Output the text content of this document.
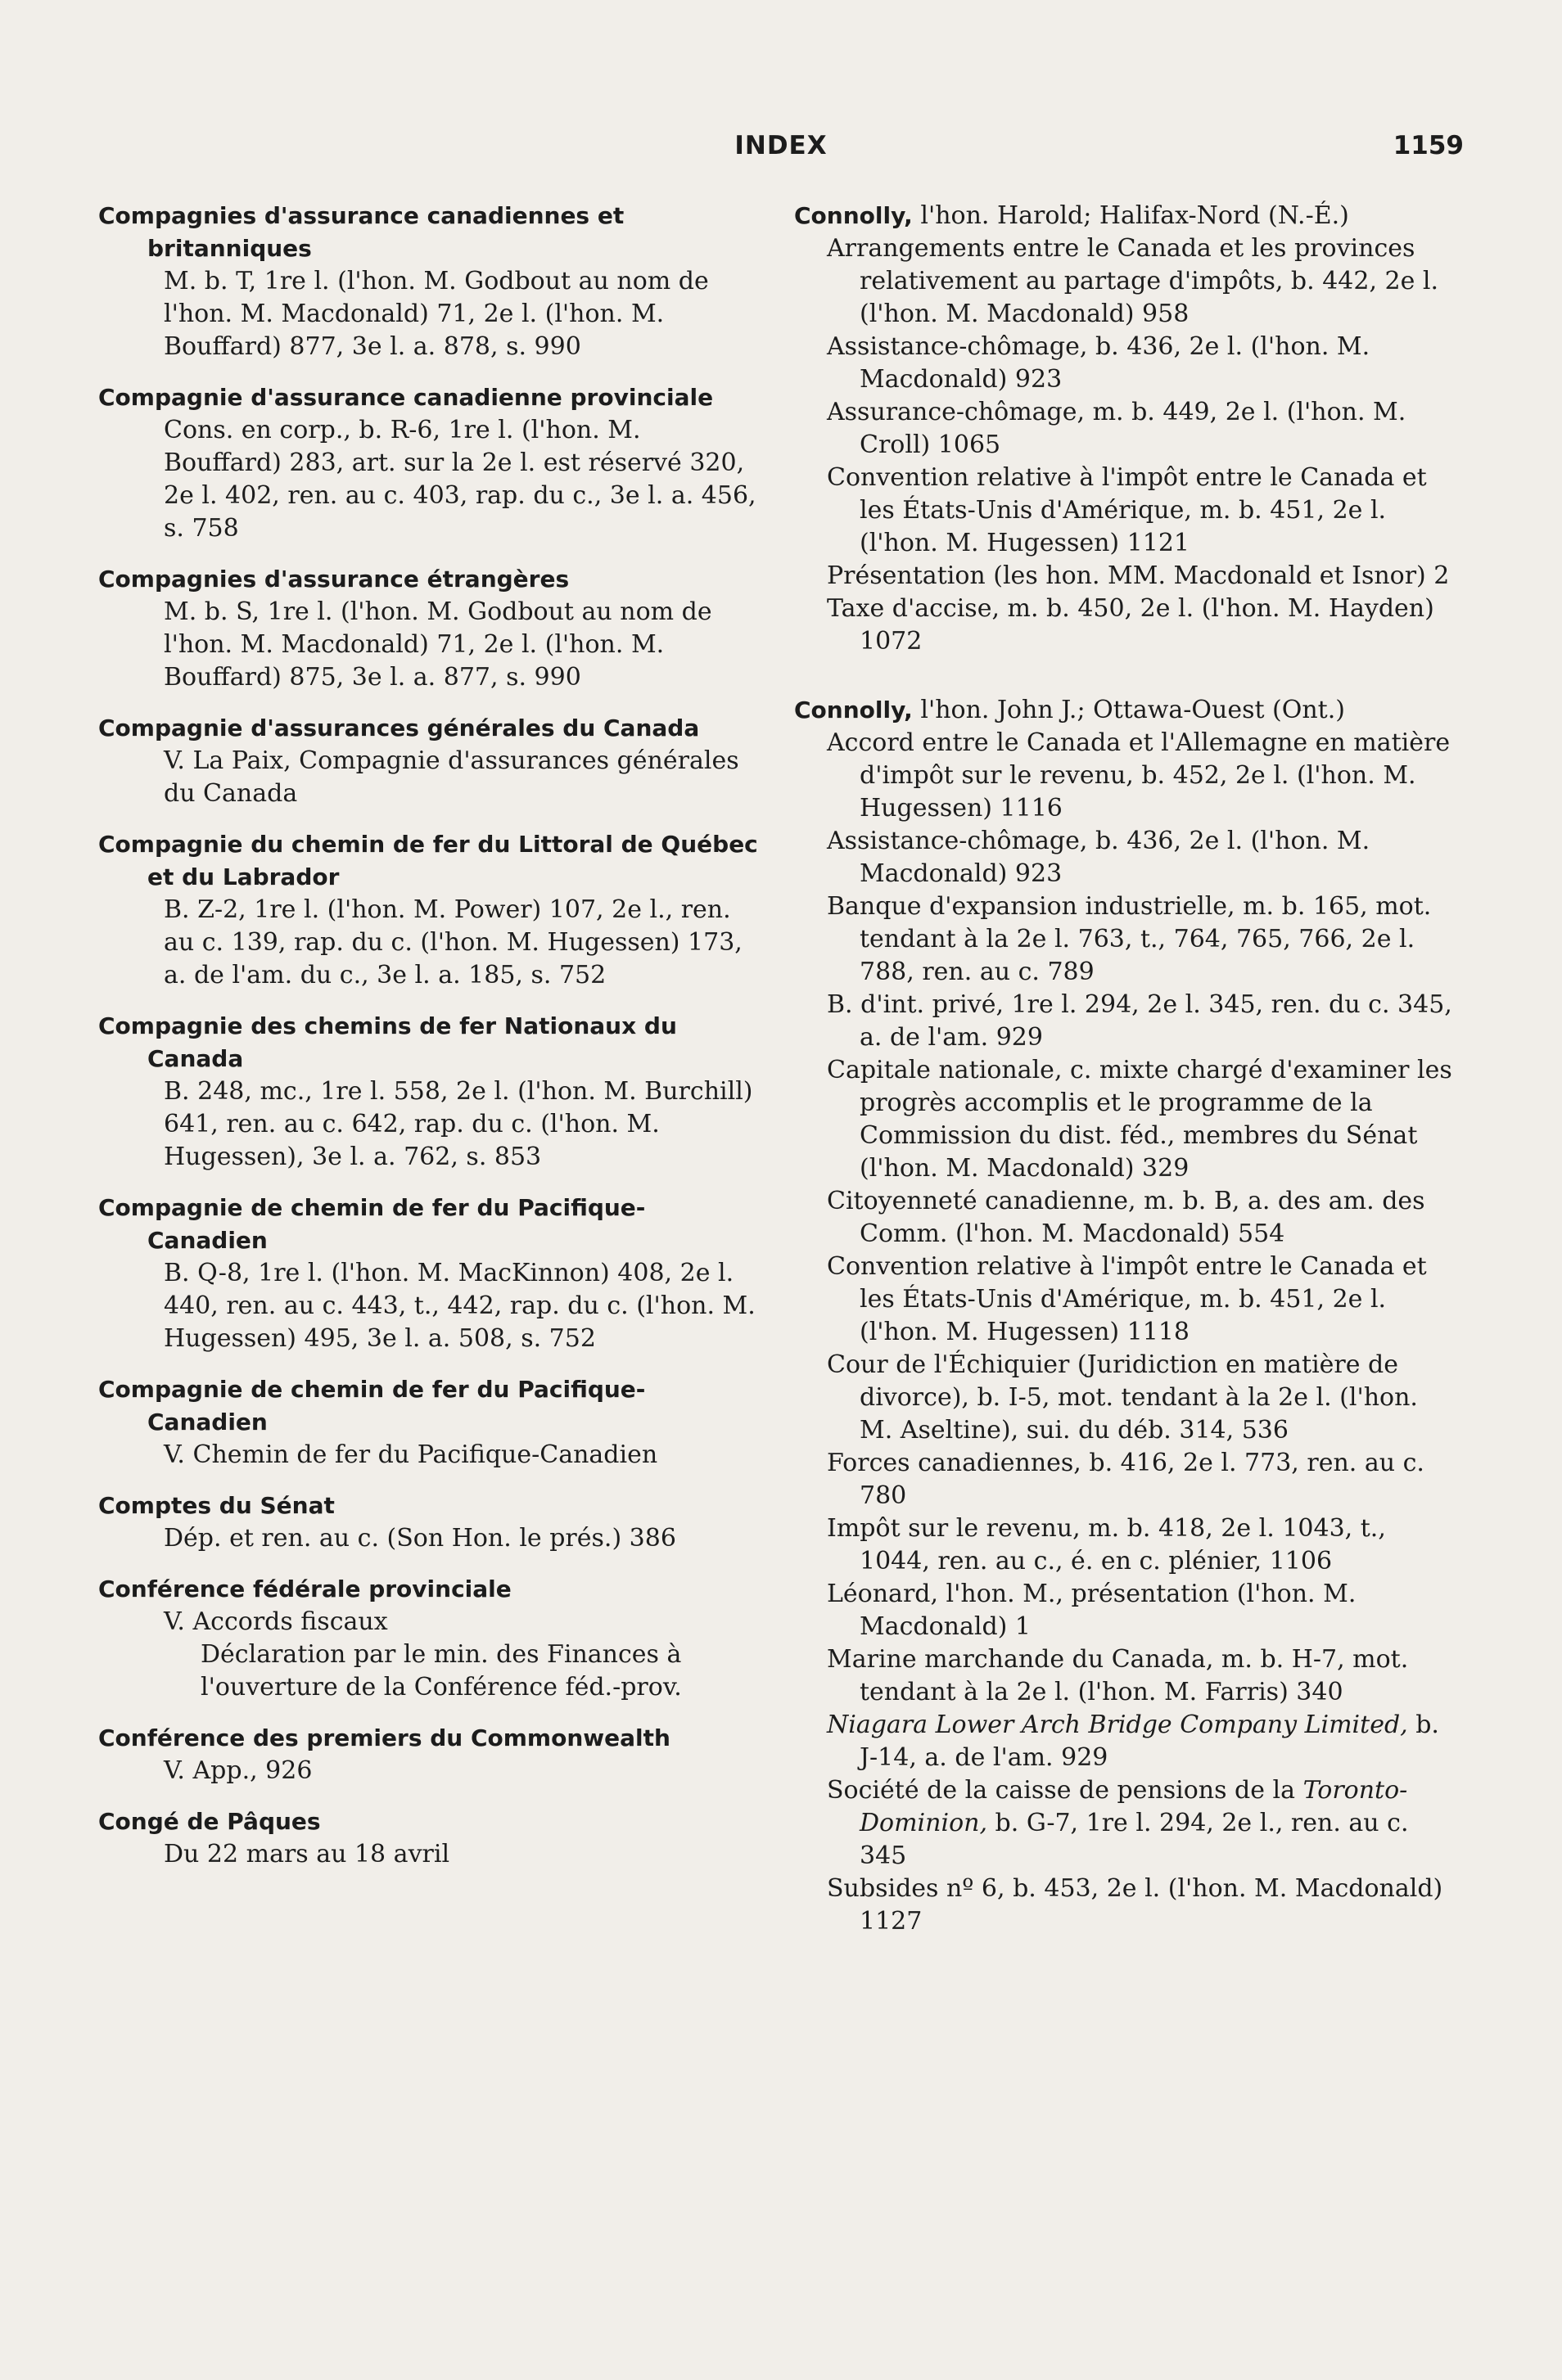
INDEX	1159
Compagnies d'assurance canadiennes et britanniques
M. b. T, 1re l. (l'hon. M. Godbout au nom de l'hon. M. Macdonald) 71, 2e l. (l'hon. M. Bouffard) 877, 3e l. a. 878, s. 990
Compagnie d'assurance canadienne provinciale
Cons. en corp., b. R-6, 1re l. (l'hon. M. Bouffard) 283, art. sur la 2e l. est réservé 320, 2e l. 402, ren. au c. 403, rap. du c., 3e l. a. 456, s. 758
Compagnies d'assurance étrangères
M. b. S, 1re l. (l'hon. M. Godbout au nom de l'hon. M. Macdonald) 71, 2e l. (l'hon. M. Bouffard) 875, 3e l. a. 877, s. 990
Compagnie d'assurances générales du Canada
V. La Paix, Compagnie d'assurances générales du Canada
Compagnie du chemin de fer du Littoral de Québec et du Labrador
B. Z-2, 1re l. (l'hon. M. Power) 107, 2e l., ren. au c. 139, rap. du c. (l'hon. M. Hugessen) 173, a. de l'am. du c., 3e l. a. 185, s. 752
Compagnie des chemins de fer Nationaux du Canada
B. 248, mc., 1re l. 558, 2e l. (l'hon. M. Burchill) 641, ren. au c. 642, rap. du c. (l'hon. M. Hugessen), 3e l. a. 762, s. 853
Compagnie de chemin de fer du Pacifique-Canadien
B. Q-8, 1re l. (l'hon. M. MacKinnon) 408, 2e l. 440, ren. au c. 443, t., 442, rap. du c. (l'hon. M. Hugessen) 495, 3e l. a. 508, s. 752
Compagnie de chemin de fer du Pacifique-Canadien
V. Chemin de fer du Pacifique-Canadien
Comptes du Sénat
Dép. et ren. au c. (Son Hon. le prés.) 386
Conférence fédérale provinciale
V. Accords fiscaux
Déclaration par le min. des Finances à l'ouverture de la Conférence féd.-prov.
Conférence des premiers du Commonwealth
V. App., 926
Congé de Pâques
Du 22 mars au 18 avril
Connolly, l'hon. Harold; Halifax-Nord (N.-É.)
Arrangements entre le Canada et les provinces relativement au partage d'impôts, b. 442, 2e l. (l'hon. M. Macdonald) 958
Assistance-chômage, b. 436, 2e l. (l'hon. M. Macdonald) 923
Assurance-chômage, m. b. 449, 2e l. (l'hon. M. Croll) 1065
Convention relative à l'impôt entre le Canada et les États-Unis d'Amérique, m. b. 451, 2e l. (l'hon. M. Hugessen) 1121
Présentation (les hon. MM. Macdonald et Isnor) 2
Taxe d'accise, m. b. 450, 2e l. (l'hon. M. Hayden) 1072
Connolly, l'hon. John J.; Ottawa-Ouest (Ont.)
Accord entre le Canada et l'Allemagne en matière d'impôt sur le revenu, b. 452, 2e l. (l'hon. M. Hugessen) 1116
Assistance-chômage, b. 436, 2e l. (l'hon. M. Macdonald) 923
Banque d'expansion industrielle, m. b. 165, mot. tendant à la 2e l. 763, t., 764, 765, 766, 2e l. 788, ren. au c. 789
B. d'int. privé, 1re l. 294, 2e l. 345, ren. du c. 345, a. de l'am. 929
Capitale nationale, c. mixte chargé d'examiner les progrès accomplis et le programme de la Commission du dist. féd., membres du Sénat (l'hon. M. Macdonald) 329
Citoyenneté canadienne, m. b. B, a. des am. des Comm. (l'hon. M. Macdonald) 554
Convention relative à l'impôt entre le Canada et les États-Unis d'Amérique, m. b. 451, 2e l. (l'hon. M. Hugessen) 1118
Cour de l'Échiquier (Juridiction en matière de divorce), b. I-5, mot. tendant à la 2e l. (l'hon. M. Aseltine), sui. du déb. 314, 536
Forces canadiennes, b. 416, 2e l. 773, ren. au c. 780
Impôt sur le revenu, m. b. 418, 2e l. 1043, t., 1044, ren. au c., é. en c. plénier, 1106
Léonard, l'hon. M., présentation (l'hon. M. Macdonald) 1
Marine marchande du Canada, m. b. H-7, mot. tendant à la 2e l. (l'hon. M. Farris) 340
Niagara Lower Arch Bridge Company Limited, b. J-14, a. de l'am. 929
Société de la caisse de pensions de la Toronto-Dominion, b. G-7, 1re l. 294, 2e l., ren. au c. 345
Subsides nº 6, b. 453, 2e l. (l'hon. M. Macdonald) 1127
